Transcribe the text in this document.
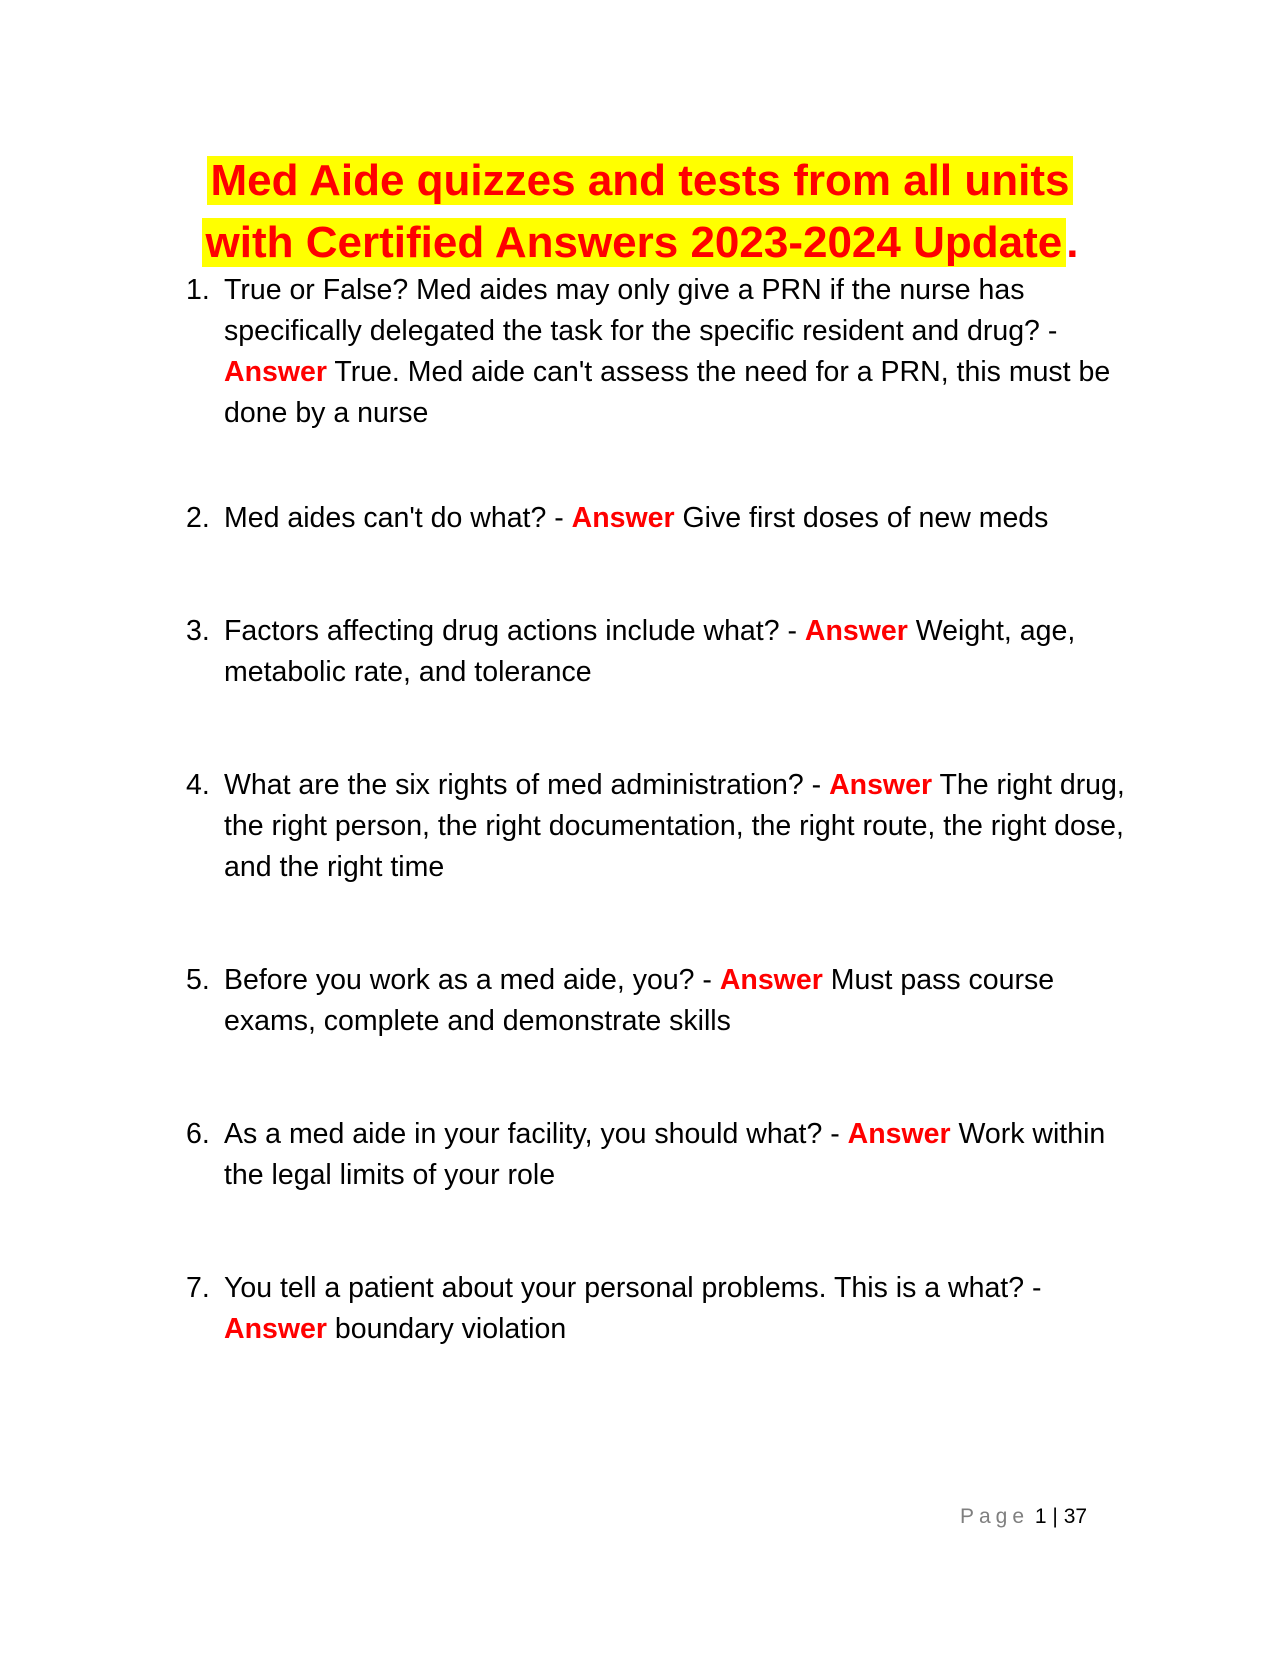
Med Aide quizzes and tests from all units
with Certified Answers 2023-2024 Update.
1. True or False? Med aides may only give a PRN if the nurse has specifically delegated the task for the specific resident and drug? - Answer True. Med aide can't assess the need for a PRN, this must be done by a nurse
2. Med aides can't do what? - Answer Give first doses of new meds
3. Factors affecting drug actions include what? - Answer Weight, age, metabolic rate, and tolerance
4. What are the six rights of med administration? - Answer The right drug, the right person, the right documentation, the right route, the right dose, and the right time
5. Before you work as a med aide, you? - Answer Must pass course exams, complete and demonstrate skills
6. As a med aide in your facility, you should what? - Answer Work within the legal limits of your role
7. You tell a patient about your personal problems. This is a what? - Answer boundary violation
Page 1 | 37
